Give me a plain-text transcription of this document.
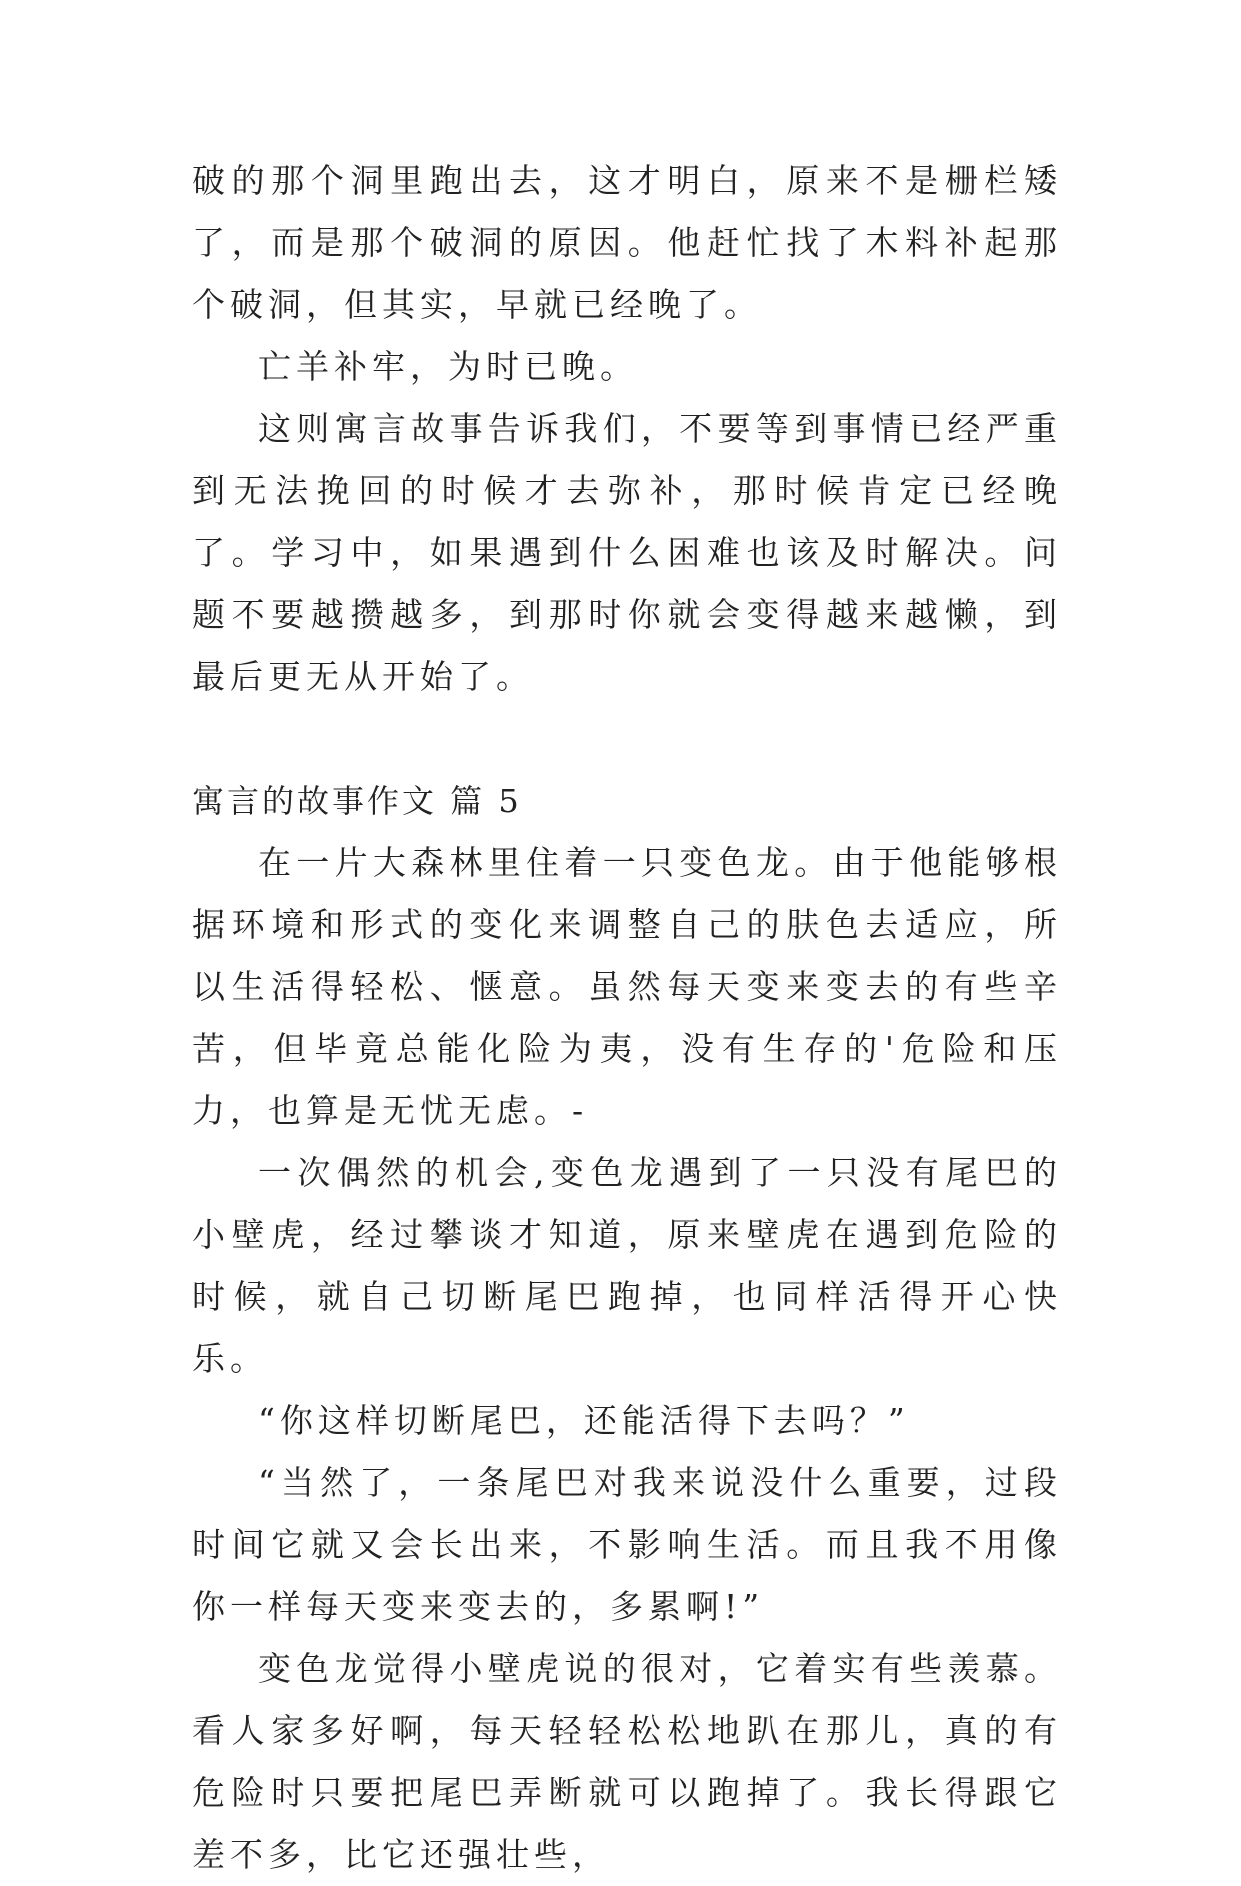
破的那个洞里跑出去，这才明白，原来不是栅栏矮了，而是那个破洞的原因。他赶忙找了木料补起那个破洞，但其实，早就已经晚了。

亡羊补牢，为时已晚。

这则寓言故事告诉我们，不要等到事情已经严重到无法挽回的时候才去弥补，那时候肯定已经晚了。学习中，如果遇到什么困难也该及时解决。问题不要越攒越多，到那时你就会变得越来越懒，到最后更无从开始了。

寓言的故事作文 篇 5

在一片大森林里住着一只变色龙。由于他能够根据环境和形式的变化来调整自己的肤色去适应，所以生活得轻松、惬意。虽然每天变来变去的有些辛苦，但毕竟总能化险为夷，没有生存的'危险和压力，也算是无忧无虑。-

一次偶然的机会,变色龙遇到了一只没有尾巴的小壁虎，经过攀谈才知道，原来壁虎在遇到危险的时候，就自己切断尾巴跑掉，也同样活得开心快乐。

“你这样切断尾巴，还能活得下去吗？”

“当然了，一条尾巴对我来说没什么重要，过段时间它就又会长出来，不影响生活。而且我不用像你一样每天变来变去的，多累啊!”

变色龙觉得小壁虎说的很对，它着实有些羡慕。看人家多好啊，每天轻轻松松地趴在那儿，真的有危险时只要把尾巴弄断就可以跑掉了。我长得跟它差不多，比它还强壮些，
